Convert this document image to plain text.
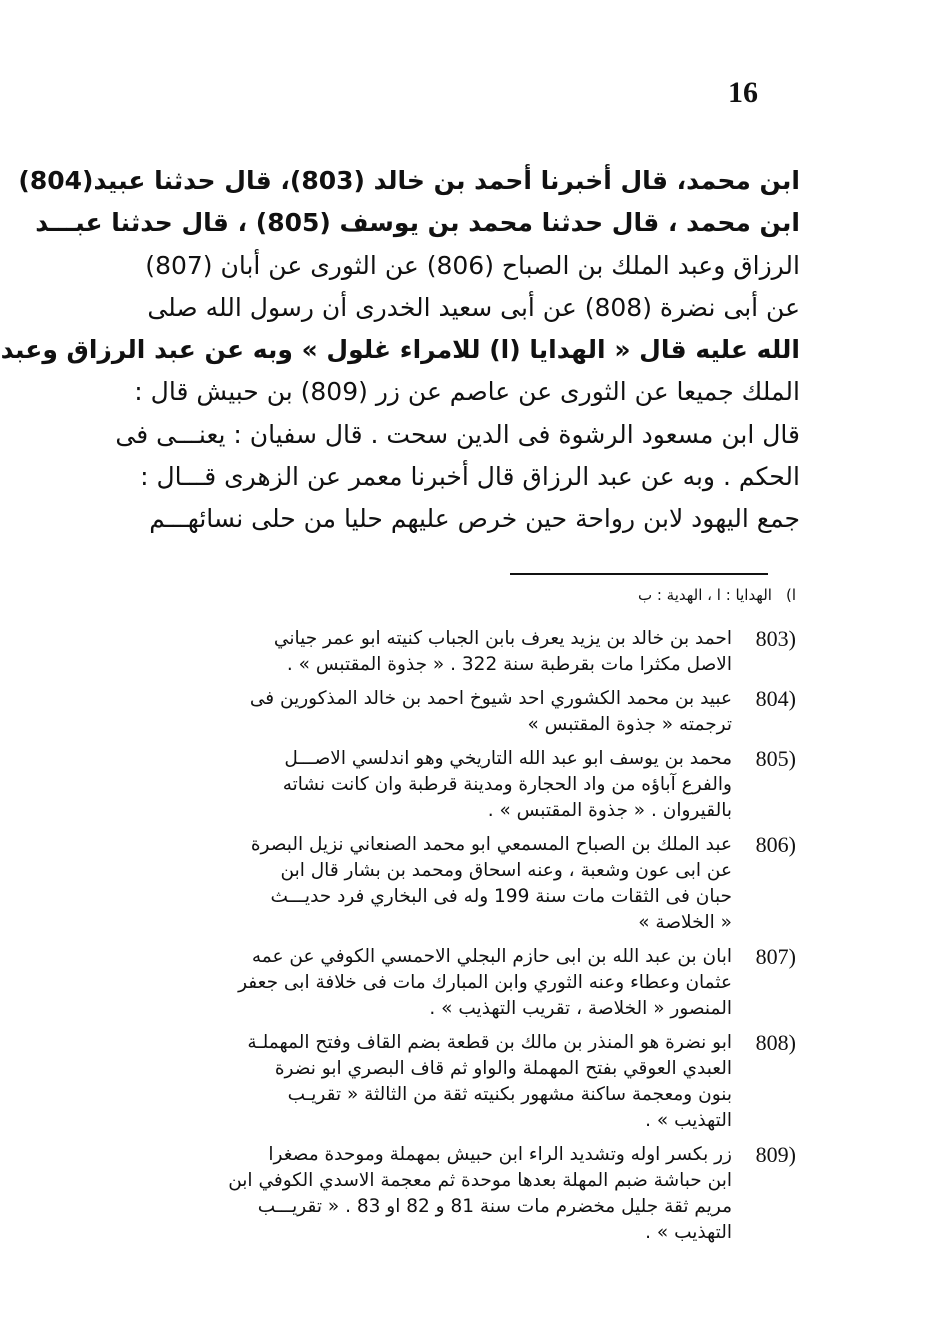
16
ابن محمد، قال أخبرنا أحمد بن خالد (803)، قال حدثنا عبيد(804)
ابن محمد ، قال حدثنا محمد بن يوسف (805) ، قال حدثنا عبـــد
الرزاق وعبد الملك بن الصباح (806) عن الثورى عن أبان (807)
عن أبى نضرة (808) عن أبى سعيد الخدرى أن رسول الله صلى
الله عليه قال « الهدايا (ا) للامراء غلول » وبه عن عبد الرزاق وعبد
الملك جميعا عن الثورى عن عاصم عن زر (809) بن حبيش قال :
قال ابن مسعود الرشوة فى الدين سحت . قال سفيان : يعنـــى فى
الحكم . وبه عن عبد الرزاق قال أخبرنا معمر عن الزهرى قـــال :
جمع اليهود لابن رواحة حين خرص عليهم حليا من حلى نسائهـــم
ا)الهدايا : ا ، الهدية : ب
احمد بن خالد بن يزيد يعرف بابن الجباب كنيته ابو عمر جياني
الاصل مكثرا مات بقرطبة سنة 322 . « جذوة المقتبس » .
803)
عبيد بن محمد الكشوري احد شيوخ احمد بن خالد المذكورين فى
ترجمته « جذوة المقتبس »
804)
محمد بن يوسف ابو عبد الله التاريخي وهو اندلسي الاصـــل
والفرع آباؤه من واد الحجارة ومدينة قرطبة وان كانت نشاته
بالقيروان . « جذوة المقتبس » .
805)
عبد الملك بن الصباح المسمعي ابو محمد الصنعاني نزيل البصرة
عن ابى عون وشعبة ، وعنه اسحاق ومحمد بن بشار قال ابن
حبان فى الثقات مات سنة 199 وله فى البخاري فرد حديـــث
« الخلاصة »
806)
ابان بن عبد الله بن ابى حازم البجلي الاحمسي الكوفي عن عمه
عثمان وعطاء وعنه الثوري وابن المبارك مات فى خلافة ابى جعفر
المنصور « الخلاصة ، تقريب التهذيب » .
807)
ابو نضرة هو المنذر بن مالك بن قطعة بضم القاف وفتح المهملـة
العبدي العوقي بفتح المهملة والواو ثم قاف البصري ابو نضرة
بنون ومعجمة ساكنة مشهور بكنيته ثقة من الثالثة « تقريـب
التهذيب » .
808)
زر بكسر اوله وتشديد الراء ابن حبيش بمهملة وموحدة مصغرا
ابن حباشة ضبم المهلة بعدها موحدة ثم معجمة الاسدي الكوفي ابن
مريم ثقة جليل مخضرم مات سنة 81 و 82 او 83 . « تقريـــب
التهذيب » .
809)
